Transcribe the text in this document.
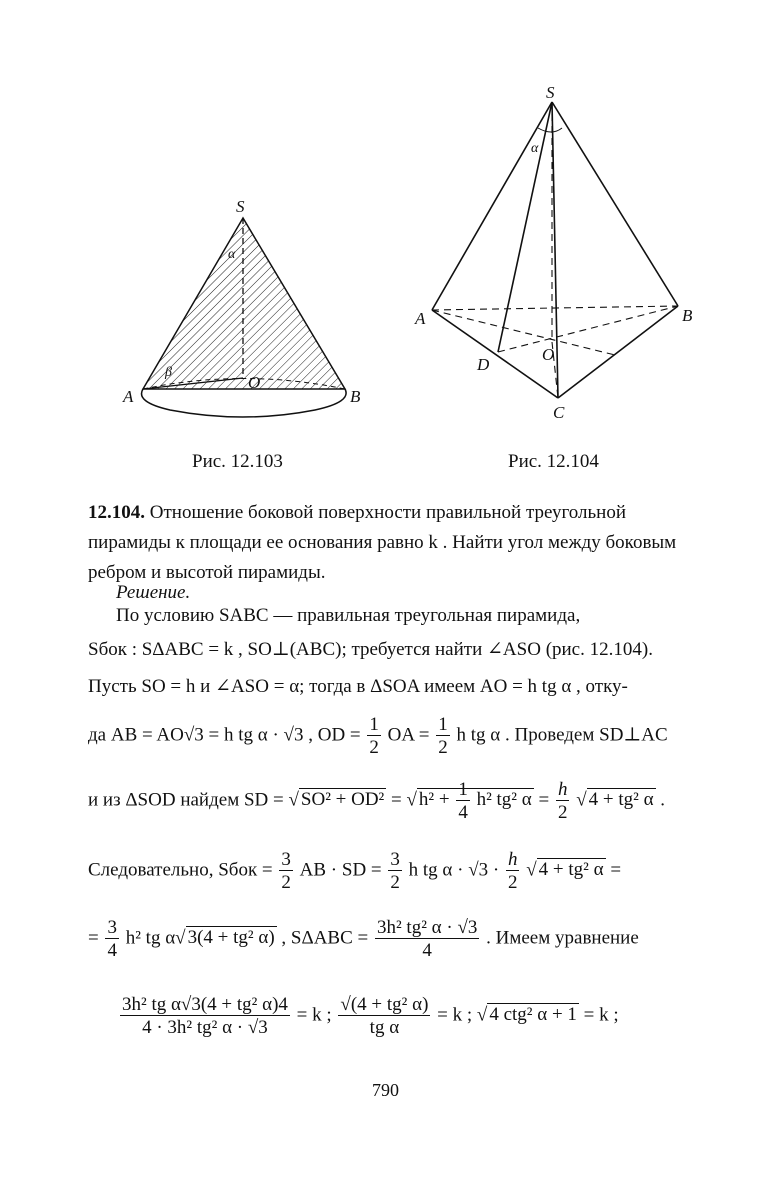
S
A	B
O
α
β
Рис. 12.103
S
A	B
C
D
O
α
Рис. 12.104
12.104. Отношение боковой поверхности правильной треугольной пирамиды к площади ее основания равно k . Найти угол между боковым ребром и высотой пирамиды.
Решение.
По условию SABC — правильная треугольная пирамида,
Sбок : SΔABC = k , SO⊥(ABC); требуется найти ∠ASO (рис. 12.104).
Пусть SO = h и ∠ASO = α; тогда в ΔSOA имеем AO = h tg α , отку-
да AB = AO√3 = h tg α · √3 , OD = $\frac{1}{2}$ OA = $\frac{1}{2}$ h tg α . Проведем SD⊥AC
и из ΔSOD найдем SD = √ SO² + OD² = √ $h^2 + \frac{1}{4} h^2$ tg² $\alpha = \frac{h}{2}$ √ 4 + tg² α .
Следовательно, Sбок = $\frac{3}{2}$ AB · SD = $\frac{3}{2}$ h tg $\alpha \cdot √3 \cdot \frac{h}{2}$ √ 4 + tg² α =
= $\frac{3}{4} h^2$ tg α√ 3(4 + tg² α) , $S\Delta ABC = \frac{\text{3h² tg² α · √3}}{4}$ . Имеем уравнение
$\frac{\text{3h² tg α√3(4 + tg² α)4}}{\text{4 · 3h² tg² α · √3}} = k$ ; $\frac{\text{√(4 + tg² α)}}{\text{tg α}} = k$ ; √ 4 ctg² α + 1 = k ;
790
